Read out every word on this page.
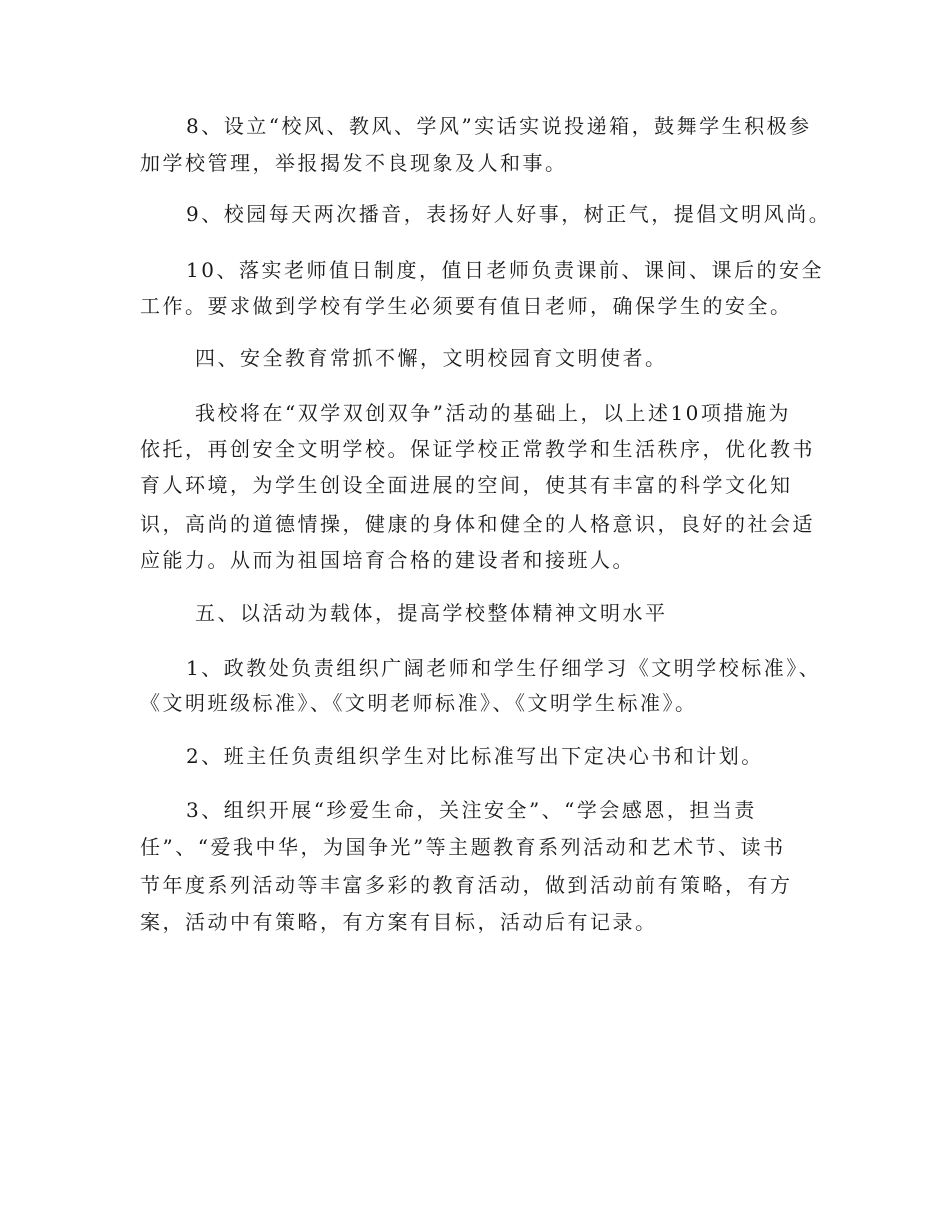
8、设立“校风、教风、学风”实话实说投递箱，鼓舞学生积极参
加学校管理，举报揭发不良现象及人和事。
9、校园每天两次播音，表扬好人好事，树正气，提倡文明风尚。
10、落实老师值日制度，值日老师负责课前、课间、课后的安全
工作。要求做到学校有学生必须要有值日老师，确保学生的安全。
四、安全教育常抓不懈，文明校园育文明使者。
我校将在“双学双创双争”活动的基础上，以上述10项措施为
依托，再创安全文明学校。保证学校正常教学和生活秩序，优化教书
育人环境，为学生创设全面进展的空间，使其有丰富的科学文化知
识，高尚的道德情操，健康的身体和健全的人格意识，良好的社会适
应能力。从而为祖国培育合格的建设者和接班人。
五、以活动为载体，提高学校整体精神文明水平
1、政教处负责组织广阔老师和学生仔细学习《文明学校标准》、
《文明班级标准》、《文明老师标准》、《文明学生标准》。
2、班主任负责组织学生对比标准写出下定决心书和计划。
3、组织开展“珍爱生命，关注安全”、“学会感恩，担当责
任”、“爱我中华，为国争光”等主题教育系列活动和艺术节、读书
节年度系列活动等丰富多彩的教育活动，做到活动前有策略，有方
案，活动中有策略，有方案有目标，活动后有记录。
